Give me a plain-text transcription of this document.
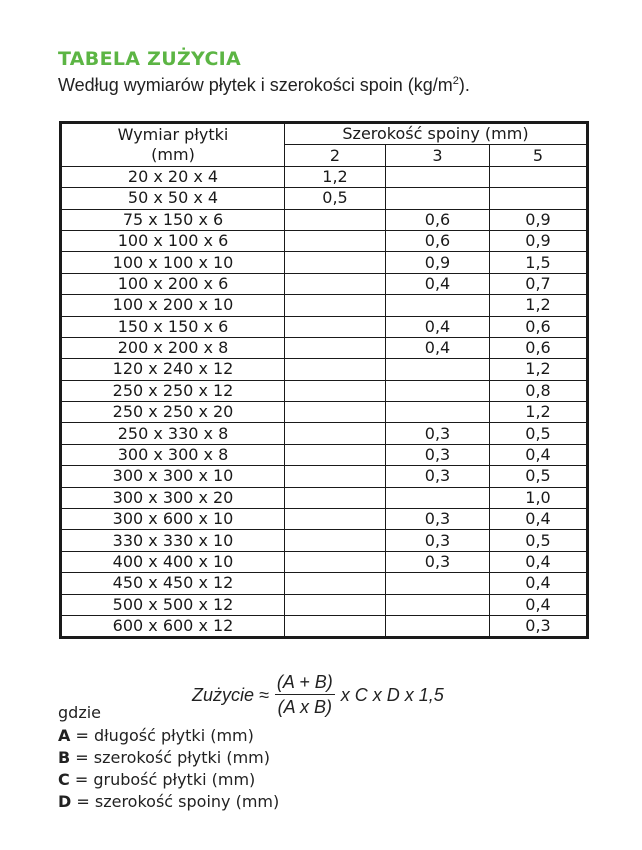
TABELA ZUŻYCIA
Według wymiarów płytek i szerokości spoin $(kg/m^2)$.
Wymiar płytki
(mm)	Szerokość spoiny (mm)		
	2	3	5
20 x 20 x 4	1,2		
50 x 50 x 4	0,5		
75 x 150 x 6		0,6	0,9
100 x 100 x 6		0,6	0,9
100 x 100 x 10		0,9	1,5
100 x 200 x 6		0,4	0,7
100 x 200 x 10			1,2
150 x 150 x 6		0,4	0,6
200 x 200 x 8		0,4	0,6
120 x 240 x 12			1,2
250 x 250 x 12			0,8
250 x 250 x 20			1,2
250 x 330 x 8		0,3	0,5
300 x 300 x 8		0,3	0,4
300 x 300 x 10		0,3	0,5
300 x 300 x 20			1,0
300 x 600 x 10		0,3	0,4
330 x 330 x 10		0,3	0,5
400 x 400 x 10		0,3	0,4
450 x 450 x 12			0,4
500 x 500 x 12			0,4
600 x 600 x 12			0,3
Zużycie ≈ $\frac{(A + B)}{\text{(A x B)}}$ x C x D x 1,5
gdzie
A = długość płytki (mm)
B = szerokość płytki (mm)
C = grubość płytki (mm)
D = szerokość spoiny (mm)
